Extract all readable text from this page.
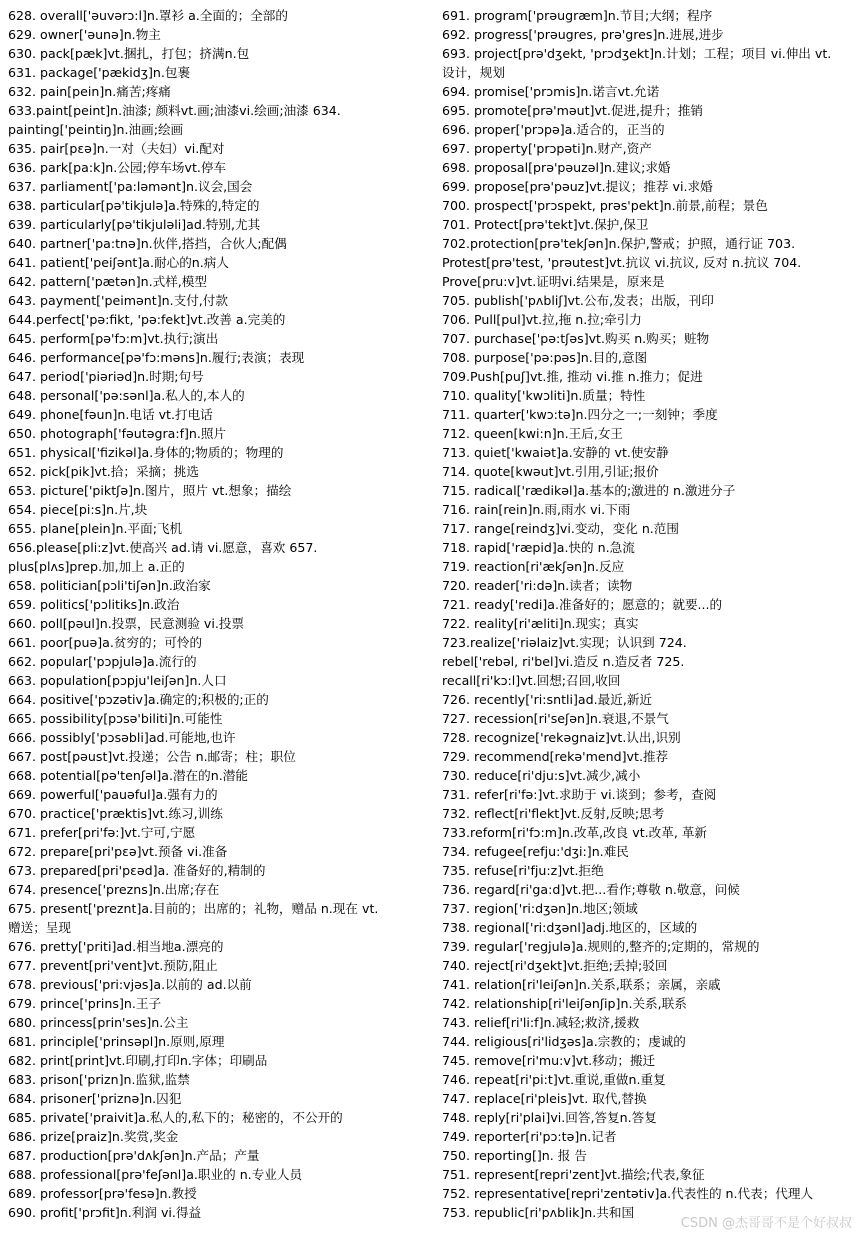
628. overall['əuvərɔ:l]n.罩衫 a.全面的；全部的
629. owner['əunə]n.物主
630. pack[pæk]vt.捆扎，打包；挤满n.包
631. package['pækidʒ]n.包裹
632. pain[pein]n.痛苦;疼痛
633.paint[peint]n.油漆; 颜料vt.画;油漆vi.绘画;油漆 634.
painting['peintiŋ]n.油画;绘画
635. pair[pɛə]n.一对（夫妇）vi.配对
636. park[pa:k]n.公园;停车场vt.停车
637. parliament['pa:ləmənt]n.议会,国会
638. particular[pə'tikjulə]a.特殊的,特定的
639. particularly[pə'tikjuləli]ad.特别,尤其
640. partner['pa:tnə]n.伙伴,搭挡，合伙人;配偶
641. patient['peiʃənt]a.耐心的n.病人
642. pattern['pætən]n.式样,模型
643. payment['peimənt]n.支付,付款
644.perfect['pə:fikt, 'pə:fekt]vt.改善 a.完美的
645. perform[pə'fɔ:m]vt.执行;演出
646. performance[pə'fɔ:məns]n.履行;表演；表现
647. period['piəriəd]n.时期;句号
648. personal['pə:sənl]a.私人的,本人的
649. phone[fəun]n.电话 vt.打电话
650. photograph['fəutəgra:f]n.照片
651. physical['fizikəl]a.身体的;物质的；物理的
652. pick[pik]vt.拾；采摘；挑选
653. picture['piktʃə]n.图片，照片 vt.想象；描绘
654. piece[pi:s]n.片,块
655. plane[plein]n.平面;飞机
656.please[pli:z]vt.使高兴 ad.请 vi.愿意，喜欢 657.
plus[plʌs]prep.加,加上 a.正的
658. politician[pɔli'tiʃən]n.政治家
659. politics['pɔlitiks]n.政治
660. poll[pəul]n.投票，民意测验 vi.投票
661. poor[puə]a.贫穷的；可怜的
662. popular['pɔpjulə]a.流行的
663. population[pɔpju'leiʃən]n.人口
664. positive['pɔzətiv]a.确定的;积极的;正的
665. possibility[pɔsə'biliti]n.可能性
666. possibly['pɔsəbli]ad.可能地,也许
667. post[pəust]vt.投递；公告 n.邮寄；柱；职位
668. potential[pə'tenʃəl]a.潜在的n.潜能
669. powerful['pauəful]a.强有力的
670. practice['præktis]vt.练习,训练
671. prefer[pri'fə:]vt.宁可,宁愿
672. prepare[pri'pɛə]vt.预备 vi.准备
673. prepared[pri'pɛəd]a. 准备好的,精制的
674. presence['prezns]n.出席;存在
675. present['preznt]a.目前的；出席的；礼物，赠品 n.现在 vt.
赠送；呈现
676. pretty['priti]ad.相当地a.漂亮的
677. prevent[pri'vent]vt.预防,阻止
678. previous['pri:vjəs]a.以前的 ad.以前
679. prince['prins]n.王子
680. princess[prin'ses]n.公主
681. principle['prinsəpl]n.原则,原理
682. print[print]vt.印刷,打印n.字体；印刷品
683. prison['prizn]n.监狱,监禁
684. prisoner['priznə]n.囚犯
685. private['praivit]a.私人的,私下的；秘密的，不公开的
686. prize[praiz]n.奖赏,奖金
687. production[prə'dʌkʃən]n.产品；产量
688. professional[prə'feʃənl]a.职业的 n.专业人员
689. professor[prə'fesə]n.教授
690. profit['prɔfit]n.利润 vi.得益
691. program['prəugræm]n.节目;大纲；程序
692. progress['prəugres, prə'gres]n.进展,进步
693. project[prə'dʒekt, 'prɔdʒekt]n.计划；工程；项目 vi.伸出 vt.
设计，规划
694. promise['prɔmis]n.诺言vt.允诺
695. promote[prə'məut]vt.促进,提升；推销
696. proper['prɔpə]a.适合的，正当的
697. property['prɔpəti]n.财产,资产
698. proposal[prə'pəuzəl]n.建议;求婚
699. propose[prə'pəuz]vt.提议；推荐 vi.求婚
700. prospect['prɔspekt, prəs'pekt]n.前景,前程；景色
701. Protect[prə'tekt]vt.保护,保卫
702.protection[prə'tekʃən]n.保护,警戒；护照，通行证 703.
Protest[prə'test, 'prəutest]vt.抗议 vi.抗议, 反对 n.抗议 704.
Prove[pru:v]vt.证明vi.结果是，原来是
705. publish['pʌbliʃ]vt.公布,发表；出版，刊印
706. Pull[pul]vt.拉,拖 n.拉;牵引力
707. purchase['pə:tʃəs]vt.购买 n.购买；赃物
708. purpose['pə:pəs]n.目的,意图
709.Push[puʃ]vt.推, 推动 vi.推 n.推力；促进
710. quality['kwɔliti]n.质量；特性
711. quarter['kwɔ:tə]n.四分之一;一刻钟；季度
712. queen[kwi:n]n.王后,女王
713. quiet['kwaiət]a.安静的 vt.使安静
714. quote[kwəut]vt.引用,引证;报价
715. radical['rædikəl]a.基本的;激进的 n.激进分子
716. rain[rein]n.雨,雨水 vi.下雨
717. range[reindʒ]vi.变动，变化 n.范围
718. rapid['ræpid]a.快的 n.急流
719. reaction[ri'ækʃən]n.反应
720. reader['ri:də]n.读者；读物
721. ready['redi]a.准备好的；愿意的；就要...的
722. reality[ri'æliti]n.现实；真实
723.realize['riəlaiz]vt.实现；认识到 724.
rebel['rebəl, ri'bel]vi.造反 n.造反者 725.
recall[ri'kɔ:l]vt.回想;召回,收回
726. recently['ri:sntli]ad.最近,新近
727. recession[ri'seʃən]n.衰退,不景气
728. recognize['rekəgnaiz]vt.认出,识别
729. recommend[rekə'mend]vt.推荐
730. reduce[ri'dju:s]vt.减少,减小
731. refer[ri'fə:]vt.求助于 vi.谈到；参考，查阅
732. reflect[ri'flekt]vt.反射,反映;思考
733.reform[ri'fɔ:m]n.改革,改良 vt.改革, 革新
734. refugee[refju:'dʒi:]n.难民
735. refuse[ri'fju:z]vt.拒绝
736. regard[ri'ga:d]vt.把...看作;尊敬 n.敬意，问候
737. region['ri:dʒən]n.地区;领域
738. regional['ri:dʒənl]adj.地区的，区域的
739. regular['regjulə]a.规则的,整齐的;定期的，常规的
740. reject[ri'dʒekt]vt.拒绝;丢掉;驳回
741. relation[ri'leiʃən]n.关系,联系；亲属，亲戚
742. relationship[ri'leiʃənʃip]n.关系,联系
743. relief[ri'li:f]n.减轻;救济,援救
744. religious[ri'lidʒəs]a.宗教的；虔诚的
745. remove[ri'mu:v]vt.移动；搬迁
746. repeat[ri'pi:t]vt.重说,重做n.重复
747. replace[ri'pleis]vt. 取代,替换
748. reply[ri'plai]vi.回答,答复n.答复
749. reporter[ri'pɔ:tə]n.记者
750. reporting[]n. 报 告
751. represent[repri'zent]vt.描绘;代表,象征
752. representative[repri'zentətiv]a.代表性的 n.代表；代理人
753. republic[ri'pʌblik]n.共和国
CSDN @杰哥哥不是个好叔叔
